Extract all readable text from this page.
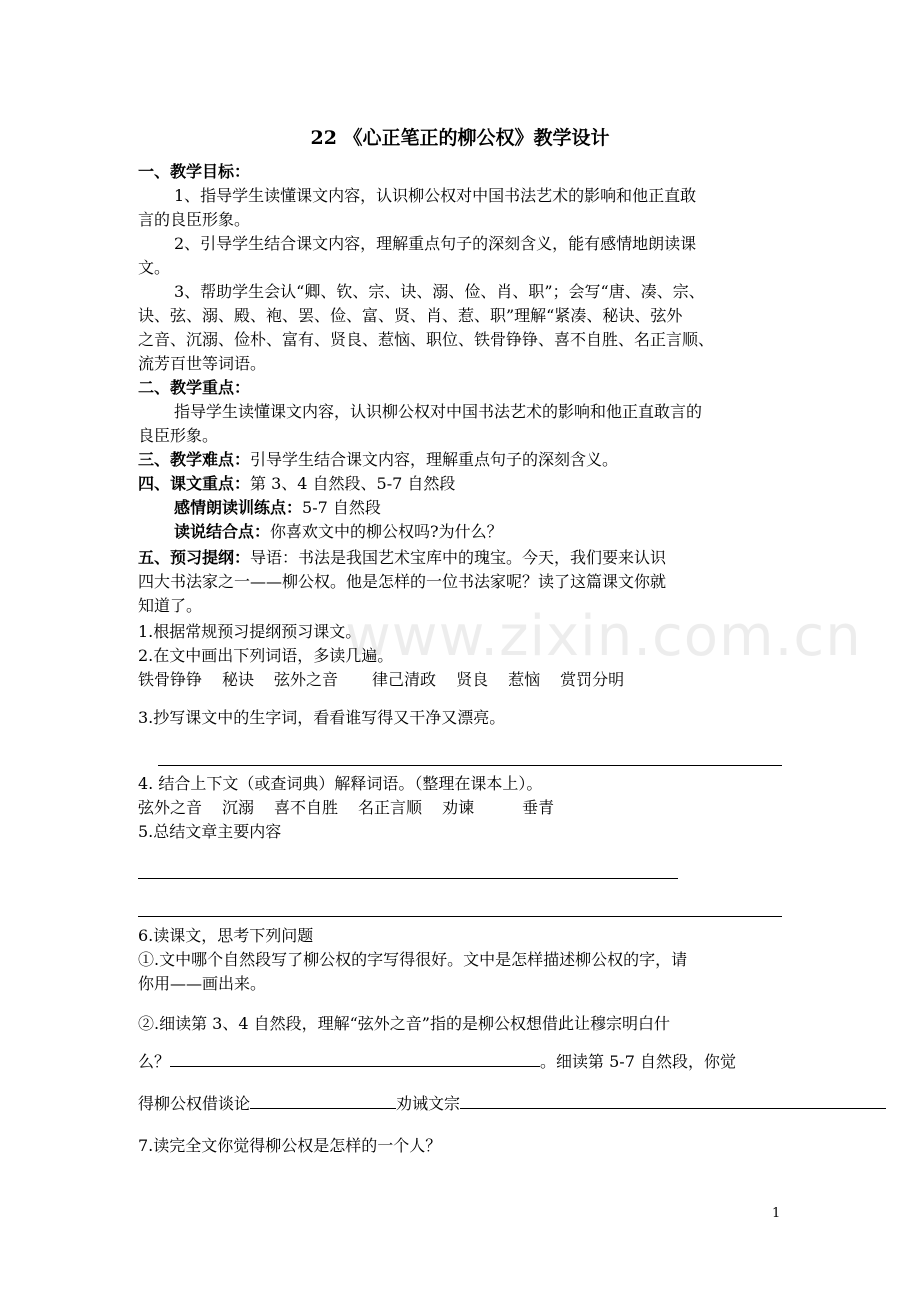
www.zixin.com.cn
22 《心正笔正的柳公权》教学设计
一、教学目标：
1、指导学生读懂课文内容，认识柳公权对中国书法艺术的影响和他正直敢
言的良臣形象。
2、引导学生结合课文内容，理解重点句子的深刻含义，能有感情地朗读课
文。
3、帮助学生会认“卿、钦、宗、诀、溺、俭、肖、职”；会写“唐、凑、宗、
诀、弦、溺、殿、袍、罢、俭、富、贤、肖、惹、职”理解“紧凑、秘诀、弦外
之音、沉溺、俭朴、富有、贤良、惹恼、职位、铁骨铮铮、喜不自胜、名正言顺、
流芳百世等词语。
二、教学重点：
指导学生读懂课文内容，认识柳公权对中国书法艺术的影响和他正直敢言的
良臣形象。
三、教学难点：引导学生结合课文内容，理解重点句子的深刻含义。
四、课文重点：第 3、4 自然段、5-7 自然段
感情朗读训练点：5-7 自然段
读说结合点：你喜欢文中的柳公权吗?为什么？
五、预习提纲：导语：书法是我国艺术宝库中的瑰宝。今天，我们要来认识
四大书法家之一——柳公权。他是怎样的一位书法家呢？读了这篇课文你就
知道了。
1.根据常规预习提纲预习课文。
2.在文中画出下列词语，多读几遍。
铁骨铮铮 秘诀 弦外之音 律己清政 贤良 惹恼 赏罚分明
3.抄写课文中的生字词，看看谁写得又干净又漂亮。
4. 结合上下文（或查词典）解释词语。（整理在课本上）。
弦外之音 沉溺 喜不自胜 名正言顺 劝谏	垂青
5.总结文章主要内容
6.读课文，思考下列问题
①.文中哪个自然段写了柳公权的字写得很好。文中是怎样描述柳公权的字，请
你用——画出来。
②.细读第 3、4 自然段，理解“弦外之音”指的是柳公权想借此让穆宗明白什
么？	。细读第 5-7 自然段，你觉
得柳公权借谈论	劝诫文宗
7.读完全文你觉得柳公权是怎样的一个人？
1
